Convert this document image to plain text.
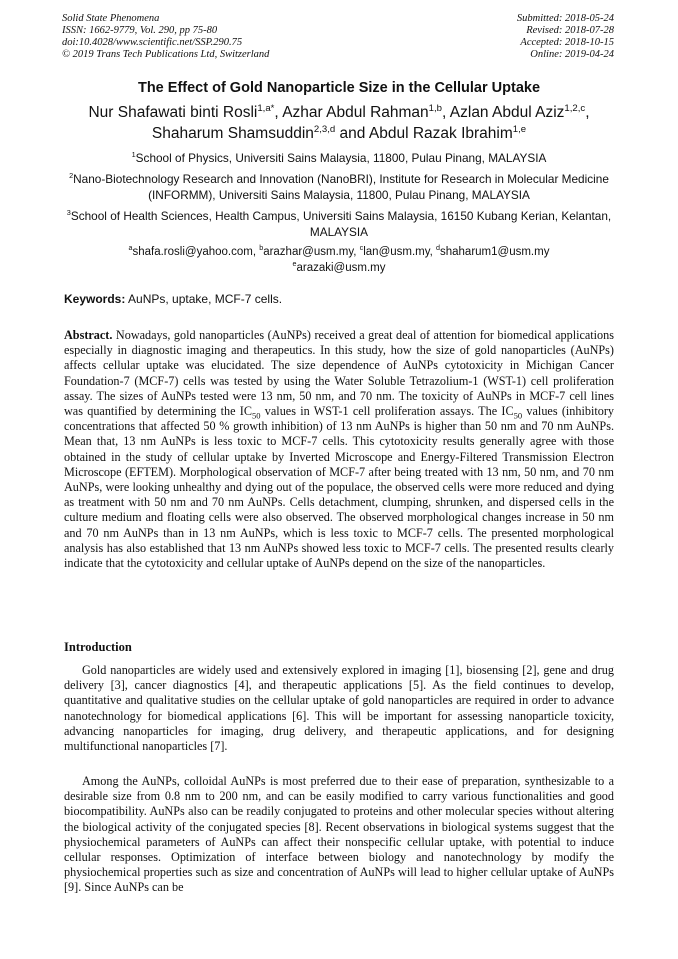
Solid State Phenomena
ISSN: 1662-9779, Vol. 290, pp 75-80
doi:10.4028/www.scientific.net/SSP.290.75
© 2019 Trans Tech Publications Ltd, Switzerland
Submitted: 2018-05-24
Revised: 2018-07-28
Accepted: 2018-10-15
Online: 2019-04-24
The Effect of Gold Nanoparticle Size in the Cellular Uptake
Nur Shafawati binti Rosli$^{1,a*}$, Azhar Abdul Rahman$^{1,b}$, Azlan Abdul Aziz$^{1,2,c}$,
Shaharum Shamsuddin$^{2,3,d}$ and Abdul Razak Ibrahim$^{1,e}$
$^1$School of Physics, Universiti Sains Malaysia, 11800, Pulau Pinang, MALAYSIA
$^2$Nano-Biotechnology Research and Innovation (NanoBRI), Institute for Research in Molecular Medicine (INFORMM), Universiti Sains Malaysia, 11800, Pulau Pinang, MALAYSIA
$^3$School of Health Sciences, Health Campus, Universiti Sains Malaysia, 16150 Kubang Kerian, Kelantan, MALAYSIA
$^a$shafa.rosli@yahoo.com, $^b$arazhar@usm.my, $^c$lan@usm.my, $^d$shaharum1@usm.my
$^e$arazaki@usm.my
Keywords: AuNPs, uptake, MCF-7 cells.
Abstract. Nowadays, gold nanoparticles (AuNPs) received a great deal of attention for biomedical applications especially in diagnostic imaging and therapeutics. In this study, how the size of gold nanoparticles (AuNPs) affects cellular uptake was elucidated. The size dependence of AuNPs cytotoxicity in Michigan Cancer Foundation-7 (MCF-7) cells was tested by using the Water Soluble Tetrazolium-1 (WST-1) cell proliferation assay. The sizes of AuNPs tested were 13 nm, 50 nm, and 70 nm. The toxicity of AuNPs in MCF-7 cell lines was quantified by determining the $IC_{50}$ values in WST-1 cell proliferation assays. The $IC_{50}$ values (inhibitory concentrations that affected 50 % growth inhibition) of 13 nm AuNPs is higher than 50 nm and 70 nm AuNPs. Mean that, 13 nm AuNPs is less toxic to MCF-7 cells. This cytotoxicity results generally agree with those obtained in the study of cellular uptake by Inverted Microscope and Energy-Filtered Transmission Electron Microscope (EFTEM). Morphological observation of MCF-7 after being treated with 13 nm, 50 nm, and 70 nm AuNPs, were looking unhealthy and dying out of the populace, the observed cells were more reduced and dying as treatment with 50 nm and 70 nm AuNPs. Cells detachment, clumping, shrunken, and dispersed cells in the culture medium and floating cells were also observed. The observed morphological changes increase in 50 nm and 70 nm AuNPs than in 13 nm AuNPs, which is less toxic to MCF-7 cells. The presented morphological analysis has also established that 13 nm AuNPs showed less toxic to MCF-7 cells. The presented results clearly indicate that the cytotoxicity and cellular uptake of AuNPs depend on the size of the nanoparticles.
Introduction
Gold nanoparticles are widely used and extensively explored in imaging [1], biosensing [2], gene and drug delivery [3], cancer diagnostics [4], and therapeutic applications [5]. As the field continues to develop, quantitative and qualitative studies on the cellular uptake of gold nanoparticles are required in order to advance nanotechnology for biomedical applications [6]. This will be important for assessing nanoparticle toxicity, advancing nanoparticles for imaging, drug delivery, and therapeutic applications, and for designing multifunctional nanoparticles [7].
Among the AuNPs, colloidal AuNPs is most preferred due to their ease of preparation, synthesizable to a desirable size from 0.8 nm to 200 nm, and can be easily modified to carry various functionalities and good biocompatibility. AuNPs also can be readily conjugated to proteins and other molecular species without altering the biological activity of the conjugated species [8]. Recent observations in biological systems suggest that the physiochemical parameters of AuNPs can affect their nonspecific cellular uptake, with potential to induce cellular responses. Optimization of interface between biology and nanotechnology by modify the physiochemical properties such as size and concentration of AuNPs will lead to higher cellular uptake of AuNPs [9]. Since AuNPs can be
